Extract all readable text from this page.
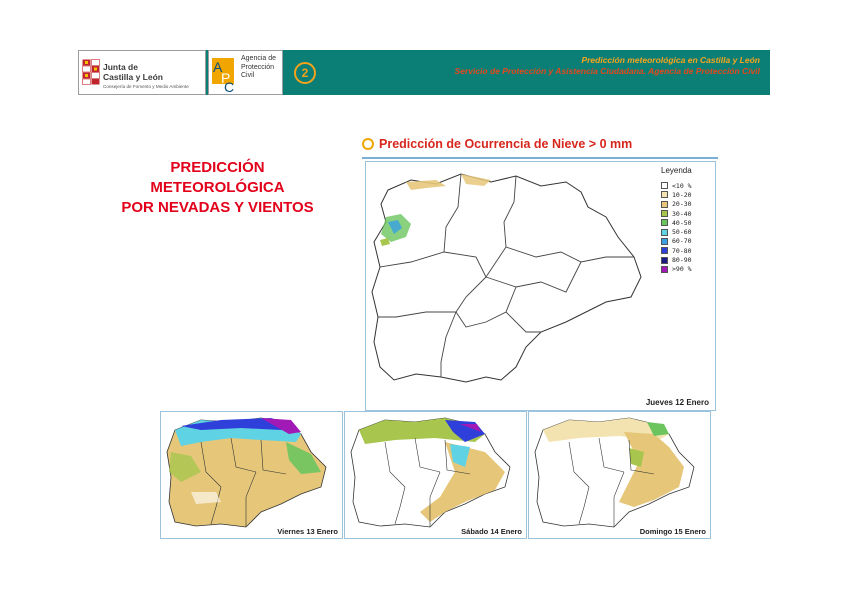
Junta de
Castilla y León
Consejería de Fomento y Medio Ambiente
A
P
C
Agencia de
Protección
Civil	2
Predicción meteorológica en Castilla y León
Servicio de Protección y Asistencia Ciudadana. Agencia de Protección Civil
PREDICCIÓN
METEOROLÓGICA
POR NEVADAS Y VIENTOS
Predicción de Ocurrencia de Nieve > 0 mm
Leyenda
<10 %
10-20
20-30
30-40
40-50
50-60
60-70
70-80
80-90
>90 %
Jueves 12 Enero
Viernes 13 Enero	Sábado 14 Enero	Domingo 15 Enero
